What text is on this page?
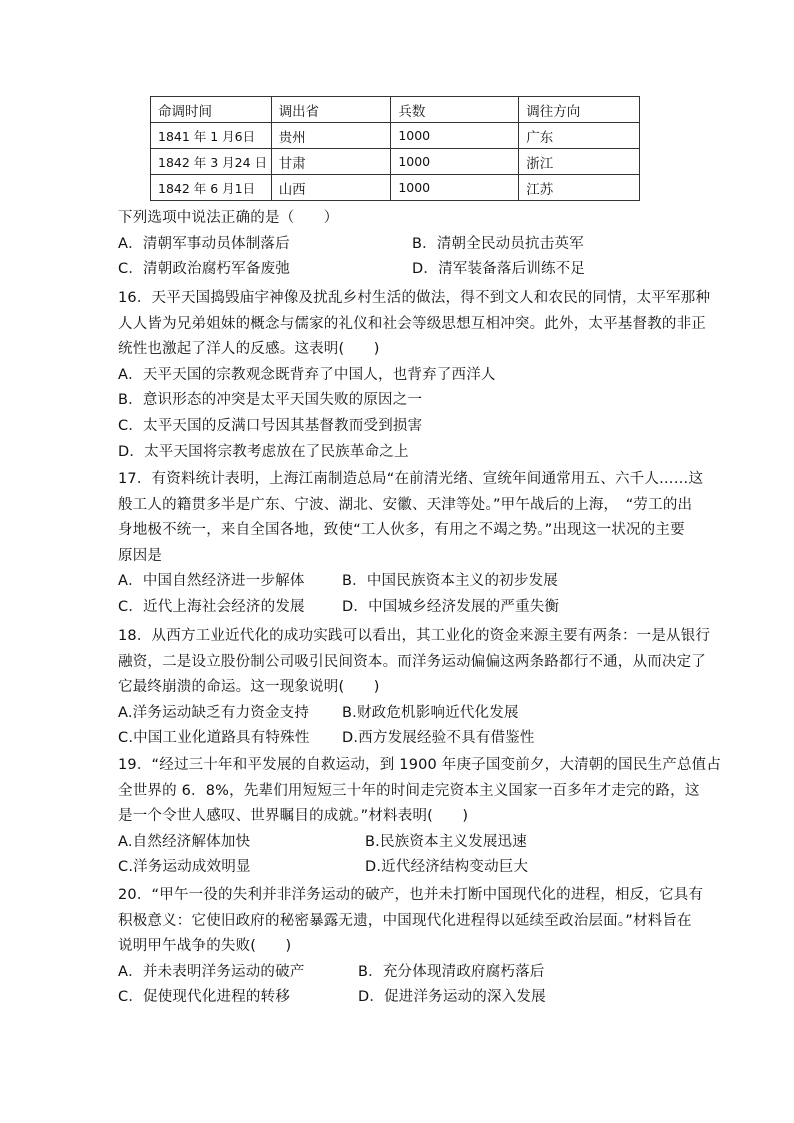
命调时间	调出省	兵数	调往方向
1841 年 1 月6日	贵州	1000	广东
1842 年 3 月24 日	甘肃	1000	浙江
1842 年 6 月1日	山西	1000	江苏

下列选项中说法正确的是（　　）

A．清朝军事动员体制落后	B．清朝全民动员抗击英军
C．清朝政治腐朽军备废弛	D．清军装备落后训练不足

16．天平天国捣毁庙宇神像及扰乱乡村生活的做法，得不到文人和农民的同情，太平军那种

人人皆为兄弟姐妹的概念与儒家的礼仪和社会等级思想互相冲突。此外，太平基督教的非正

统性也激起了洋人的反感。这表明(　　)

A．天平天国的宗教观念既背弃了中国人，也背弃了西洋人

B．意识形态的冲突是太平天国失败的原因之一

C．太平天国的反满口号因其基督教而受到损害

D．太平天国将宗教考虑放在了民族革命之上

17．有资料统计表明，上海江南制造总局“在前清光绪、宣统年间通常用五、六千人……这

般工人的籍贯多半是广东、宁波、湖北、安徽、天津等处。”甲午战后的上海，　“劳工的出

身地极不统一，来自全国各地，致使“工人伙多，有用之不竭之势。”出现这一状况的主要

原因是

A．中国自然经济进一步解体	B．中国民族资本主义的初步发展
C．近代上海社会经济的发展	D．中国城乡经济发展的严重失衡

18．从西方工业近代化的成功实践可以看出，其工业化的资金来源主要有两条：一是从银行

融资，二是设立股份制公司吸引民间资本。而洋务运动偏偏这两条路都行不通，从而决定了

它最终崩溃的命运。这一现象说明(　　)

A.洋务运动缺乏有力资金支持	B.财政危机影响近代化发展
C.中国工业化道路具有特殊性	D.西方发展经验不具有借鉴性

19．“经过三十年和平发展的自救运动，到 1900 年庚子国变前夕，大清朝的国民生产总值占

全世界的 6．8%，先辈们用短短三十年的时间走完资本主义国家一百多年才走完的路，这

是一个令世人感叹、世界瞩目的成就。”材料表明(　　)

A.自然经济解体加快	B.民族资本主义发展迅速
C.洋务运动成效明显	D.近代经济结构变动巨大

20．“甲午一役的失利并非洋务运动的破产，也并未打断中国现代化的进程，相反，它具有

积极意义：它使旧政府的秘密暴露无遗，中国现代化进程得以延续至政治层面。”材料旨在

说明甲午战争的失败(　　)

A．并未表明洋务运动的破产	B．充分体现清政府腐朽落后
C．促使现代化进程的转移	D．促进洋务运动的深入发展
